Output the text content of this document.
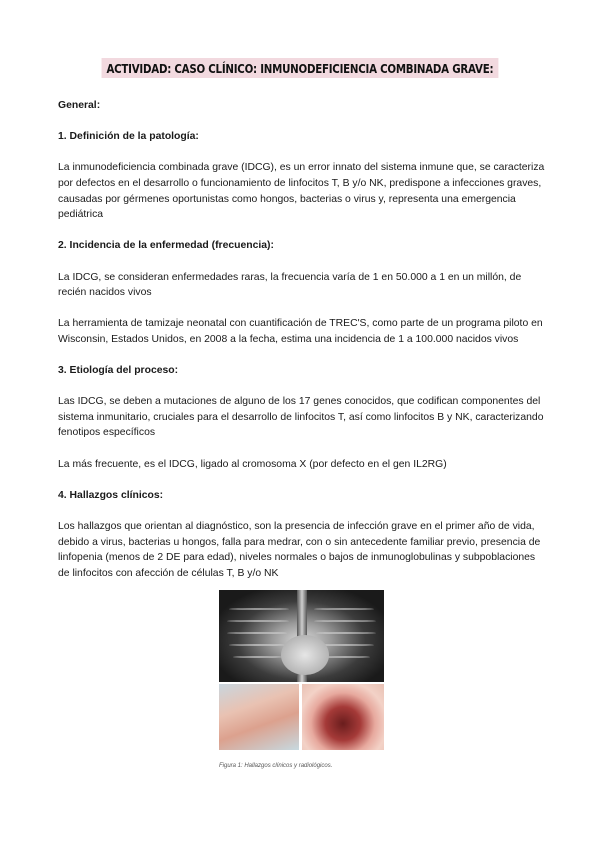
ACTIVIDAD: CASO CLÍNICO: INMUNODEFICIENCIA COMBINADA GRAVE:

General:

1. Definición de la patología:

La inmunodeficiencia combinada grave (IDCG), es un error innato del sistema inmune que, se caracteriza por defectos en el desarrollo o funcionamiento de linfocitos T, B y/o NK, predispone a infecciones graves, causadas por gérmenes oportunistas como hongos, bacterias o virus y, representa una emergencia pediátrica

2. Incidencia de la enfermedad (frecuencia):

La IDCG, se consideran enfermedades raras, la frecuencia varía de 1 en 50.000 a 1 en un millón, de recién nacidos vivos

La herramienta de tamizaje neonatal con cuantificación de TREC'S, como parte de un programa piloto en Wisconsin, Estados Unidos, en 2008 a la fecha, estima una incidencia de 1 a 100.000 nacidos vivos

3. Etiología del proceso:

Las IDCG, se deben a mutaciones de alguno de los 17 genes conocidos, que codifican componentes del sistema inmunitario, cruciales para el desarrollo de linfocitos T, así como linfocitos B y NK, caracterizando fenotipos específicos

La más frecuente, es el IDCG, ligado al cromosoma X (por defecto en el gen IL2RG)

4. Hallazgos clínicos:

Los hallazgos que orientan al diagnóstico, son la presencia de infección grave en el primer año de vida, debido a virus, bacterias u hongos, falla para medrar, con o sin antecedente familiar previo, presencia de linfopenia (menos de 2 DE para edad), niveles normales o bajos de inmunoglobulinas y subpoblaciones de linfocitos con afección de células T, B y/o NK

Figura 1: Hallazgos clínicos y radiológicos.
